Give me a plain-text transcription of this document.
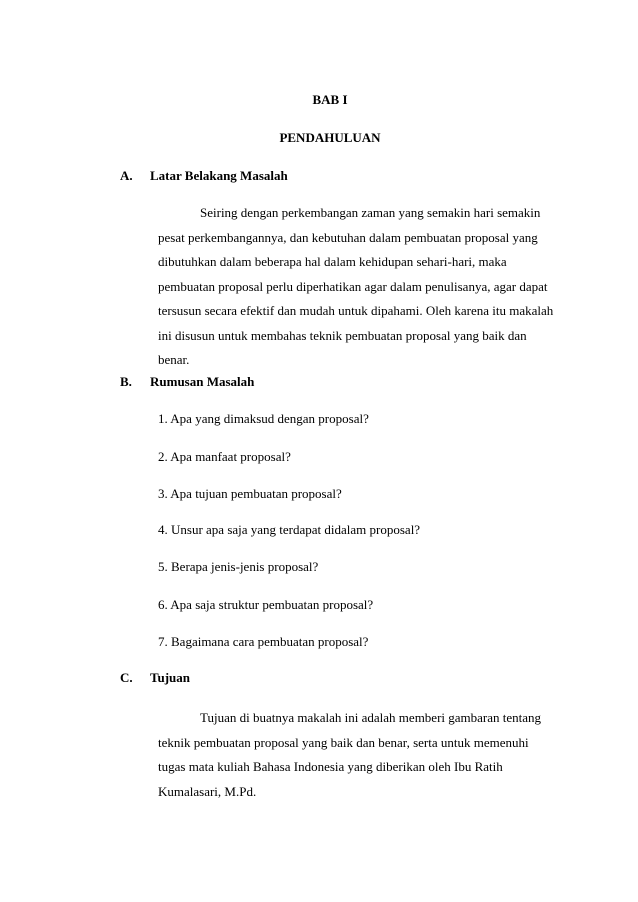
BAB I
PENDAHULUAN
A. Latar Belakang Masalah

Seiring dengan perkembangan zaman yang semakin hari semakin pesat perkembangannya, dan kebutuhan dalam pembuatan proposal yang dibutuhkan dalam beberapa hal dalam kehidupan sehari-hari, maka pembuatan proposal perlu diperhatikan agar dalam penulisanya, agar dapat tersusun secara efektif dan mudah untuk dipahami. Oleh karena itu makalah ini disusun untuk membahas teknik pembuatan proposal yang baik dan benar.

B. Rumusan Masalah
1. Apa yang dimaksud dengan proposal?
2. Apa manfaat proposal?
3. Apa tujuan pembuatan proposal?
4. Unsur apa saja yang terdapat didalam proposal?
5. Berapa jenis-jenis proposal?
6. Apa saja struktur pembuatan proposal?
7. Bagaimana cara pembuatan proposal?
C. Tujuan

Tujuan di buatnya makalah ini adalah memberi gambaran tentang teknik pembuatan proposal yang baik dan benar, serta untuk memenuhi tugas mata kuliah Bahasa Indonesia yang diberikan oleh Ibu Ratih Kumalasari, M.Pd.
